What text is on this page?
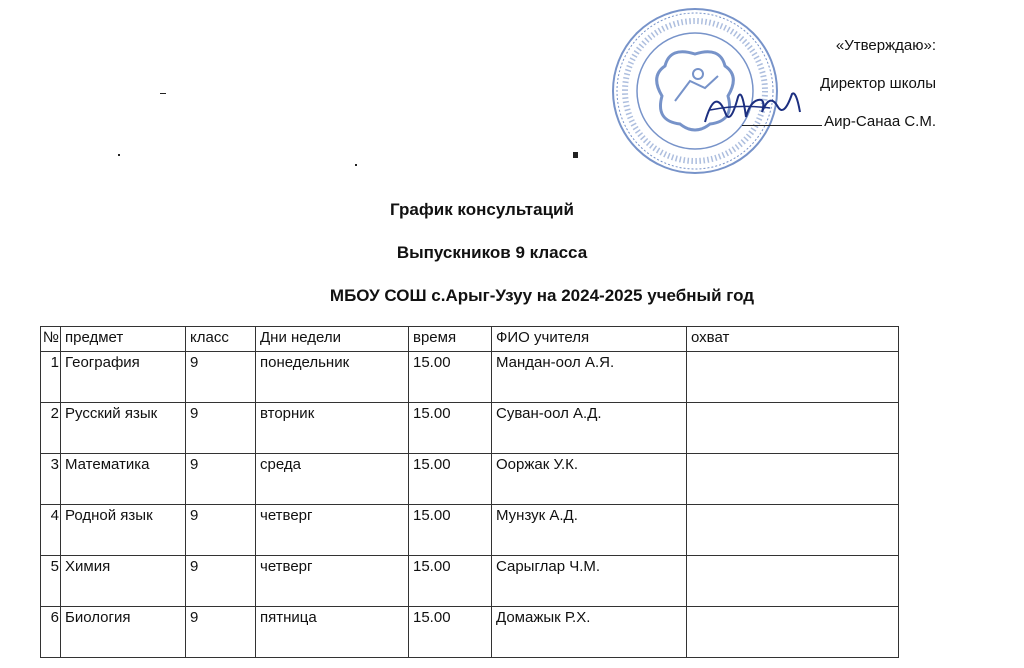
«Утверждаю»:
Директор школы
Аир-Санаа С.М.
График консультаций
Выпускников 9 класса
МБОУ СОШ с.Арыг-Узуу на 2024-2025 учебный год
№	предмет	класс	Дни недели	время	ФИО учителя	охват
1	География	9	понедельник	15.00	Мандан-оол А.Я.	
2	Русский язык	9	вторник	15.00	Суван-оол А.Д.	
3	Математика	9	среда	15.00	Ооржак У.К.	
4	Родной язык	9	четверг	15.00	Мунзук А.Д.	
5	Химия	9	четверг	15.00	Сарыглар Ч.М.	
6	Биология	9	пятница	15.00	Домажык Р.Х.	
